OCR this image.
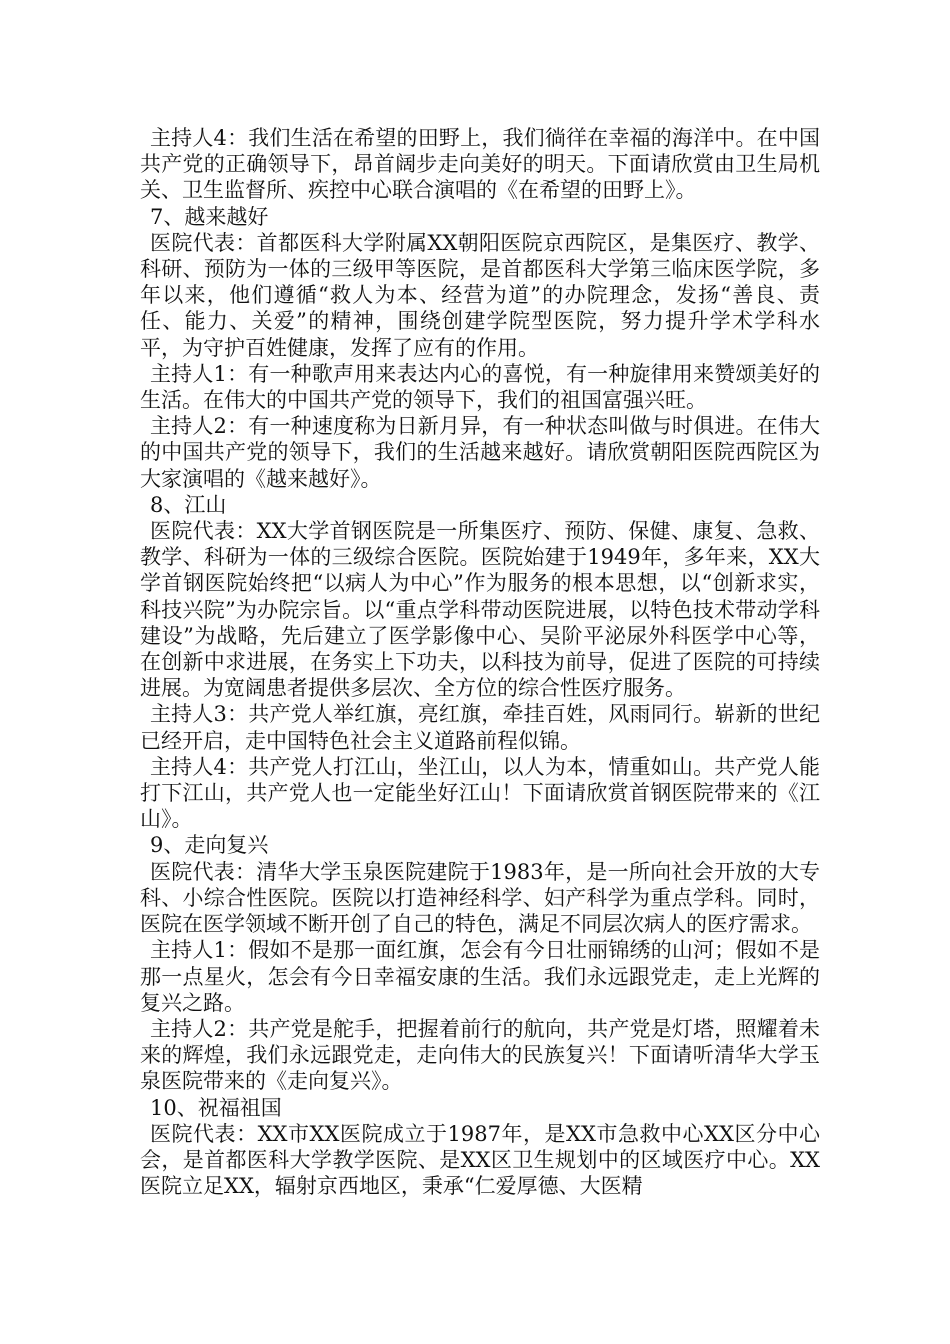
主持人4：我们生活在希望的田野上，我们徜徉在幸福的海洋中。在中国共产党的正确领导下，昂首阔步走向美好的明天。下面请欣赏由卫生局机关、卫生监督所、疾控中心联合演唱的《在希望的田野上》。

7、越来越好

医院代表：首都医科大学附属XX朝阳医院京西院区，是集医疗、教学、科研、预防为一体的三级甲等医院，是首都医科大学第三临床医学院，多年以来，他们遵循“救人为本、经营为道”的办院理念，发扬“善良、责任、能力、关爱”的精神，围绕创建学院型医院，努力提升学术学科水平，为守护百姓健康，发挥了应有的作用。

主持人1：有一种歌声用来表达内心的喜悦，有一种旋律用来赞颂美好的生活。在伟大的中国共产党的领导下，我们的祖国富强兴旺。

主持人2：有一种速度称为日新月异，有一种状态叫做与时俱进。在伟大的中国共产党的领导下，我们的生活越来越好。请欣赏朝阳医院西院区为大家演唱的《越来越好》。

8、江山

医院代表：XX大学首钢医院是一所集医疗、预防、保健、康复、急救、教学、科研为一体的三级综合医院。医院始建于1949年，多年来，XX大学首钢医院始终把“以病人为中心”作为服务的根本思想，以“创新求实，科技兴院”为办院宗旨。以“重点学科带动医院进展，以特色技术带动学科建设”为战略，先后建立了医学影像中心、吴阶平泌尿外科医学中心等，在创新中求进展，在务实上下功夫，以科技为前导，促进了医院的可持续进展。为宽阔患者提供多层次、全方位的综合性医疗服务。

主持人3：共产党人举红旗，亮红旗，牵挂百姓，风雨同行。崭新的世纪已经开启，走中国特色社会主义道路前程似锦。

主持人4：共产党人打江山，坐江山，以人为本，情重如山。共产党人能打下江山，共产党人也一定能坐好江山！下面请欣赏首钢医院带来的《江山》。

9、走向复兴

医院代表：清华大学玉泉医院建院于1983年，是一所向社会开放的大专科、小综合性医院。医院以打造神经科学、妇产科学为重点学科。同时，医院在医学领域不断开创了自己的特色，满足不同层次病人的医疗需求。

主持人1：假如不是那一面红旗，怎会有今日壮丽锦绣的山河；假如不是那一点星火，怎会有今日幸福安康的生活。我们永远跟党走，走上光辉的复兴之路。

主持人2：共产党是舵手，把握着前行的航向，共产党是灯塔，照耀着未来的辉煌，我们永远跟党走，走向伟大的民族复兴！下面请听清华大学玉泉医院带来的《走向复兴》。

10、祝福祖国

医院代表：XX市XX医院成立于1987年，是XX市急救中心XX区分中心会，是首都医科大学教学医院、是XX区卫生规划中的区域医疗中心。XX医院立足XX，辐射京西地区，秉承“仁爱厚德、大医精
